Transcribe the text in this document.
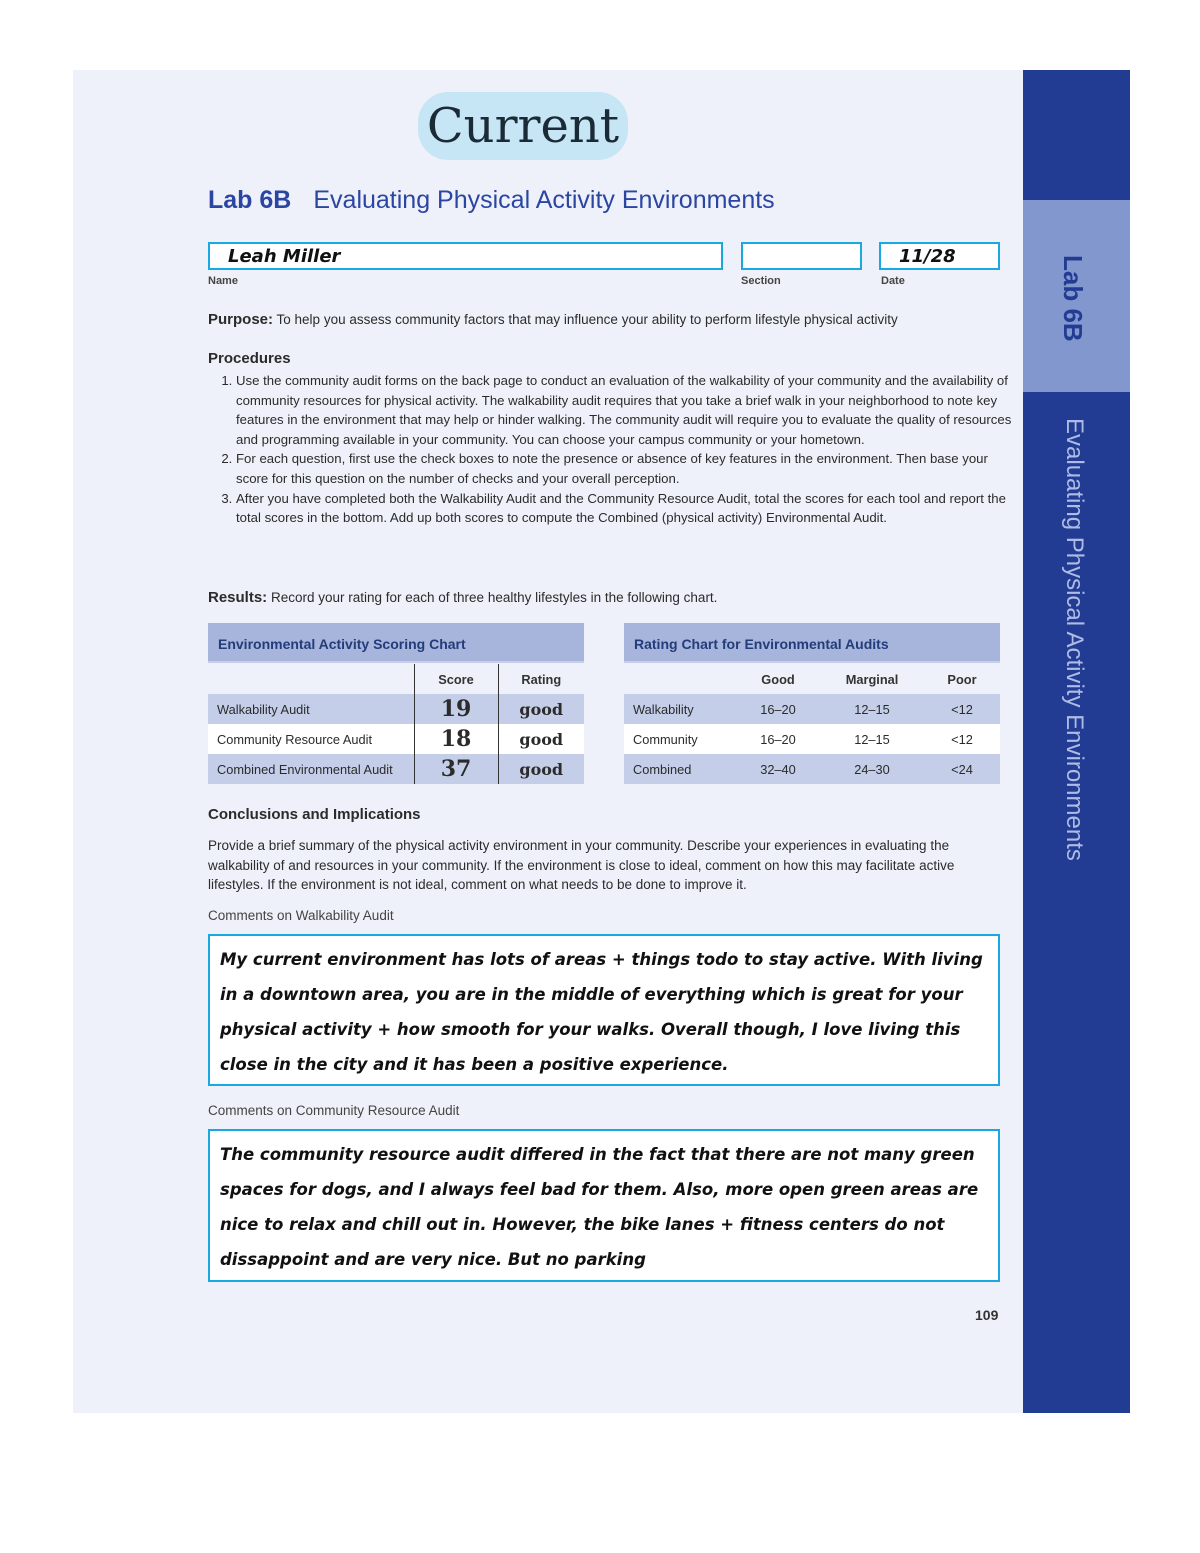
Lab 6B
Evaluating Physical Activity Environments
Current
Lab 6B Evaluating Physical Activity Environments
Leah Miller
Name	Section
11/28
Date
Purpose: To help you assess community factors that may influence your ability to perform lifestyle physical activity
Procedures
1. Use the community audit forms on the back page to conduct an evaluation of the walkability of your community and the availability of community resources for physical activity. The walkability audit requires that you take a brief walk in your neighborhood to note key features in the environment that may help or hinder walking. The community audit will require you to evaluate the quality of resources and programming available in your community. You can choose your campus community or your hometown.
2. For each question, first use the check boxes to note the presence or absence of key features in the environment. Then base your score for this question on the number of checks and your overall perception.
3. After you have completed both the Walkability Audit and the Community Resource Audit, total the scores for each tool and report the total scores in the bottom. Add up both scores to compute the Combined (physical activity) Environmental Audit.
Results: Record your rating for each of three healthy lifestyles in the following chart.
Environmental Activity Scoring Chart
	Score	Rating
Walkability Audit	19	good
Community Resource Audit	18	good
Combined Environmental Audit	37	good
Rating Chart for Environmental Audits
	Good	Marginal	Poor
Walkability	16–20	12–15	<12
Community	16–20	12–15	<12
Combined	32–40	24–30	<24
Conclusions and Implications

Provide a brief summary of the physical activity environment in your community. Describe your experiences in evaluating the walkability of and resources in your community. If the environment is close to ideal, comment on how this may facilitate active lifestyles. If the environment is not ideal, comment on what needs to be done to improve it.

Comments on Walkability Audit

My current environment has lots of areas + things todo to stay active. With living in a downtown area, you are in the middle of everything which is great for your physical activity + how smooth for your walks. Overall though, I love living this close in the city and it has been a positive experience.

Comments on Community Resource Audit

The community resource audit differed in the fact that there are not many green spaces for dogs, and I always feel bad for them. Also, more open green areas are nice to relax and chill out in. However, the bike lanes + fitness centers do not dissappoint and are very nice. But no parking

109
